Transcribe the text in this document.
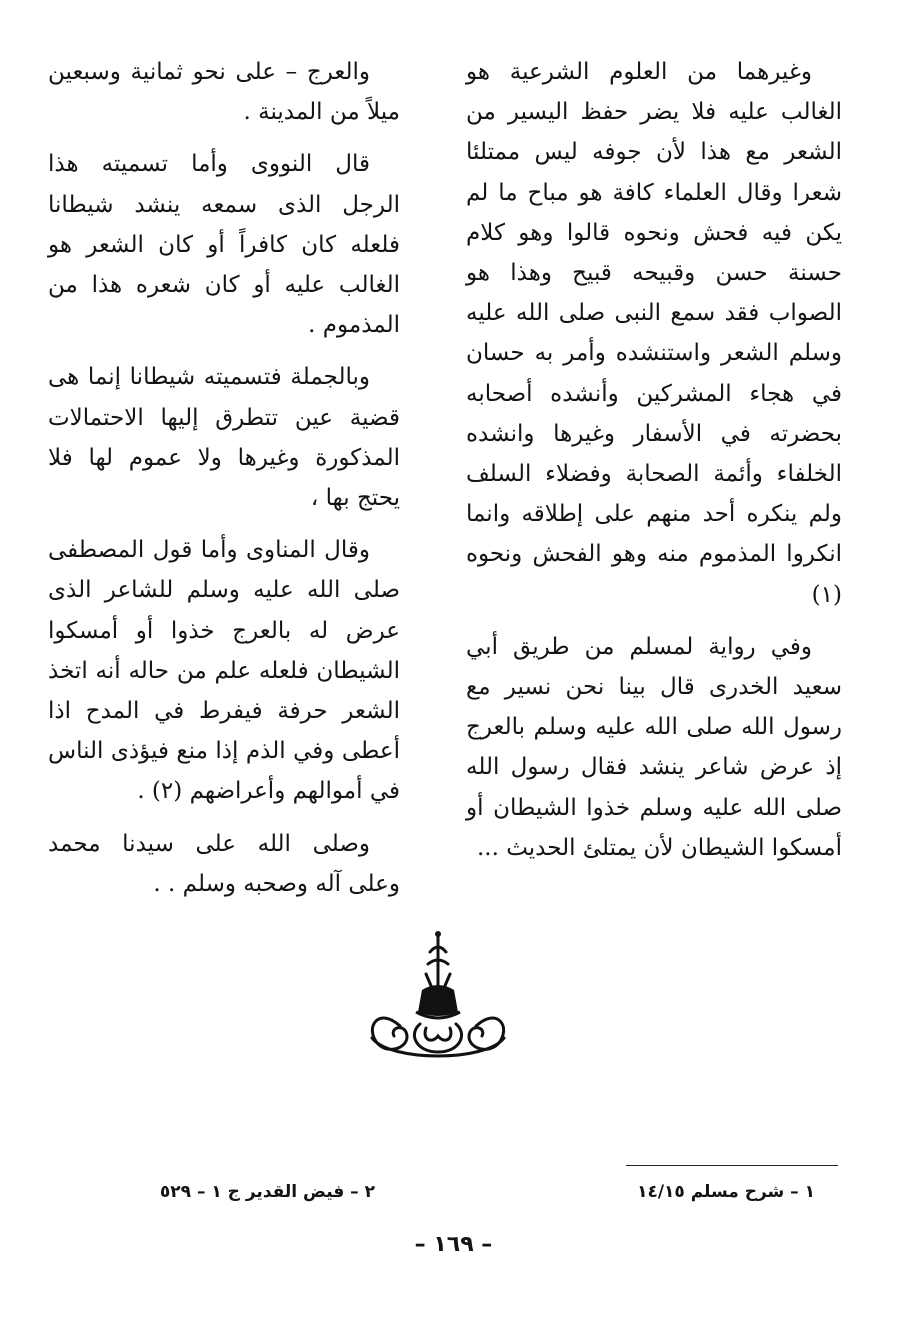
وغيرهما من العلوم الشرعية هو الغالب عليه فلا يضر حفظ اليسير من الشعر مع هذا لأن جوفه ليس ممتلئا شعرا وقال العلماء كافة هو مباح ما لم يكن فيه فحش ونحوه قالوا وهو كلام حسنة حسن وقبيحه قبيح وهذا هو الصواب فقد سمع النبى صلى الله عليه وسلم الشعر واستنشده وأمر به حسان في هجاء المشركين وأنشده أصحابه بحضرته في الأسفار وغيرها وانشده الخلفاء وأئمة الصحابة وفضلاء السلف ولم ينكره أحد منهم على إطلاقه وانما انكروا المذموم منه وهو الفحش ونحوه (١)

وفي رواية لمسلم من طريق أبي سعيد الخدرى قال بينا نحن نسير مع رسول الله صلى الله عليه وسلم بالعرج إذ عرض شاعر ينشد فقال رسول الله صلى الله عليه وسلم خذوا الشيطان أو أمسكوا الشيطان لأن يمتلئ الحديث ...

والعرج – على نحو ثمانية وسبعين ميلاً من المدينة .

قال النووى وأما تسميته هذا الرجل الذى سمعه ينشد شيطانا فلعله كان كافراً أو كان الشعر هو الغالب عليه أو كان شعره هذا من المذموم .

وبالجملة فتسميته شيطانا إنما هى قضية عين تتطرق إليها الاحتمالات المذكورة وغيرها ولا عموم لها فلا يحتج بها ،

وقال المناوى وأما قول المصطفى صلى الله عليه وسلم للشاعر الذى عرض له بالعرج خذوا أو أمسكوا الشيطان فلعله علم من حاله أنه اتخذ الشعر حرفة فيفرط في المدح اذا أعطى وفي الذم إذا منع فيؤذى الناس في أموالهم وأعراضهم (٢) .

وصلى الله على سيدنا محمد وعلى آله وصحبه وسلم . .

١ – شرح مسلم ١٤/١٥
٢ – فيض القدير ج ١ – ٥٢٩
– ١٦٩ –
